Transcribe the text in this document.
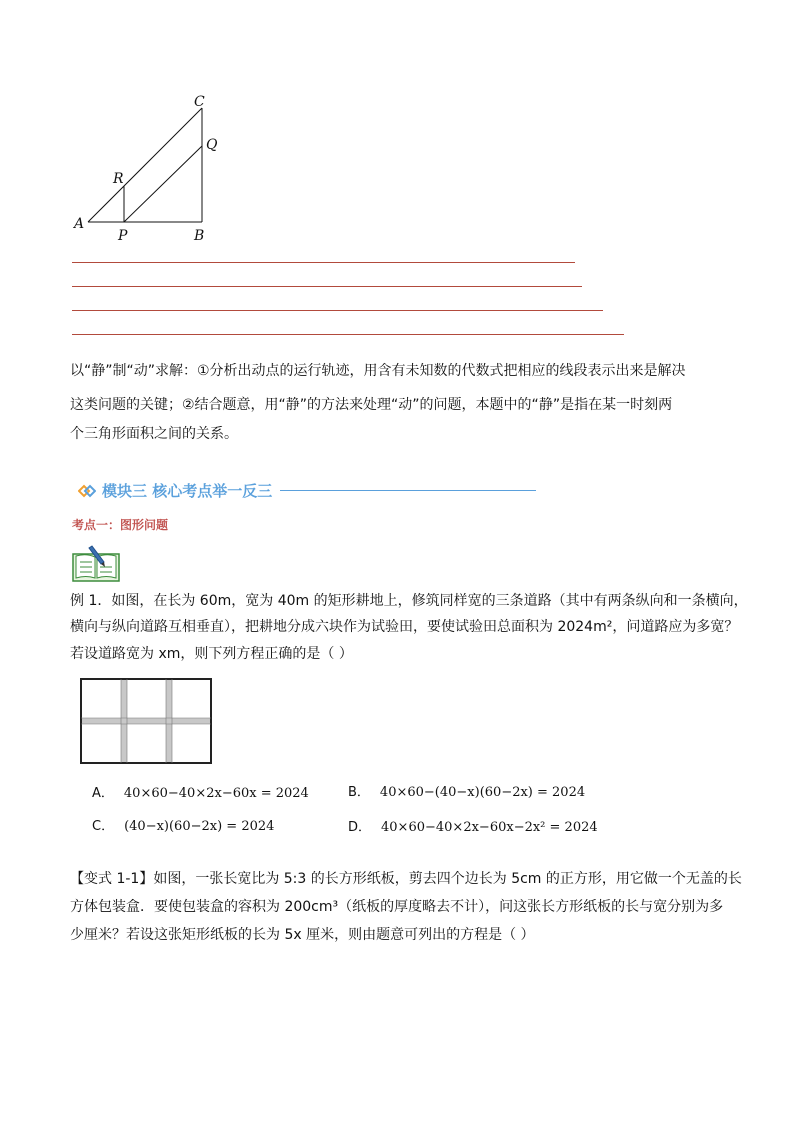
C
Q
R
A
P	B
以“静”制“动”求解：①分析出动点的运行轨迹，用含有未知数的代数式把相应的线段表示出来是解决
这类问题的关键；②结合题意，用“静”的方法来处理“动”的问题，本题中的“静”是指在某一时刻两
个三角形面积之间的关系。
模块三 核心考点举一反三
考点一：图形问题
例 1．如图，在长为 60m，宽为 40m 的矩形耕地上，修筑同样宽的三条道路（其中有两条纵向和一条横向，
横向与纵向道路互相垂直），把耕地分成六块作为试验田，要使试验田总面积为 2024m²，问道路应为多宽？
若设道路宽为 xm，则下列方程正确的是（ ）
A． 40×60−40×2x−60x = 2024	B． 40×60−(40−x)(60−2x) = 2024
C． (40−x)(60−2x) = 2024	D． 40×60−40×2x−60x−2x² = 2024
【变式 1-1】如图，一张长宽比为 5:3 的长方形纸板，剪去四个边长为 5cm 的正方形，用它做一个无盖的长
方体包装盒．要使包装盒的容积为 200cm³（纸板的厚度略去不计），问这张长方形纸板的长与宽分别为多
少厘米？若设这张矩形纸板的长为 5x 厘米，则由题意可列出的方程是（ ）
